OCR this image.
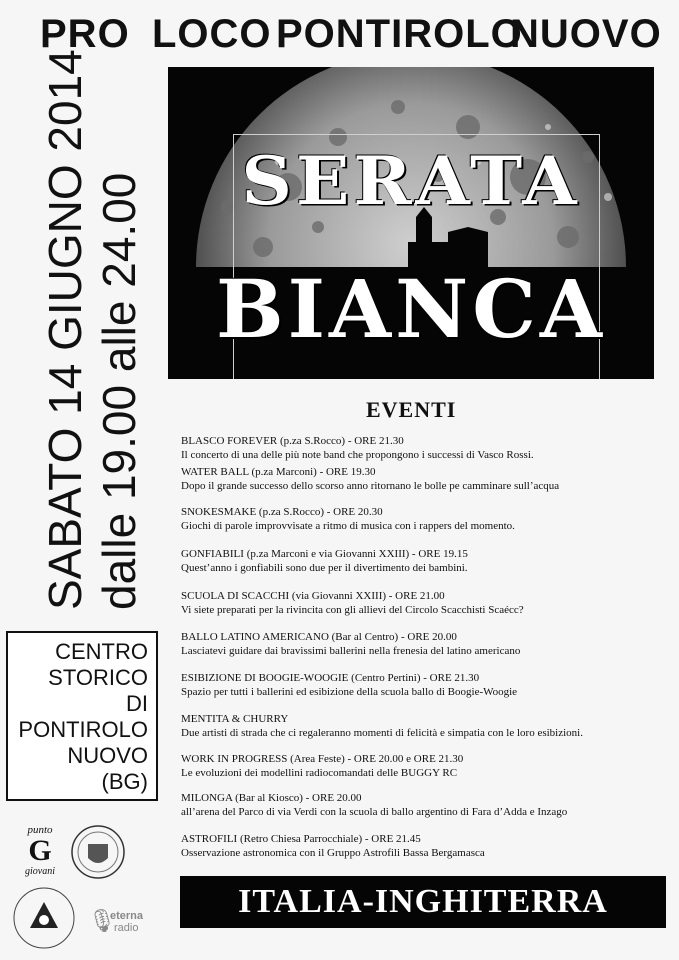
PRO LOCO PONTIROLO
NUOVO
SERATA
BIANCA
SABATO 14 GIUGNO 2014 dalle 19.00 alle 24.00
CENTRO
STORICO
DI
PONTIROLO
NUOVO
(BG)
punto
G
giovani
🎙
eterna
radio
EVENTI
BLASCO FOREVER (p.za S.Rocco) - ORE 21.30
Il concerto di una delle più note band che propongono i successi di Vasco Rossi.
WATER BALL (p.za Marconi) - ORE 19.30
Dopo il grande successo dello scorso anno ritornano le bolle pe camminare sull’acqua
SNOKESMAKE (p.za S.Rocco) - ORE 20.30
Giochi di parole improvvisate a ritmo di musica con i rappers del momento.
GONFIABILI (p.za Marconi e via Giovanni XXIII) - ORE 19.15
Quest’anno i gonfiabili sono due per il divertimento dei bambini.
SCUOLA DI SCACCHI (via Giovanni XXIII) - ORE 21.00
Vi siete preparati per la rivincita con gli allievi del Circolo Scacchisti Scaécc?
BALLO LATINO AMERICANO (Bar al Centro) - ORE 20.00
Lasciatevi guidare dai bravissimi ballerini nella frenesia del latino americano
ESIBIZIONE DI BOOGIE-WOOGIE (Centro Pertini) - ORE 21.30
Spazio per tutti i ballerini ed esibizione della scuola ballo di Boogie-Woogie
MENTITA & CHURRY
Due artisti di strada che ci regaleranno momenti di felicità e simpatia con le loro esibizioni.
WORK IN PROGRESS (Area Feste) - ORE 20.00 e ORE 21.30
Le evoluzioni dei modellini radiocomandati delle BUGGY RC
MILONGA (Bar al Kiosco) - ORE 20.00
all’arena del Parco di via Verdi con la scuola di ballo argentino di Fara d’Adda e Inzago
ASTROFILI (Retro Chiesa Parrocchiale) - ORE 21.45
Osservazione astronomica con il Gruppo Astrofili Bassa Bergamasca
ITALIA-INGHITERRA
